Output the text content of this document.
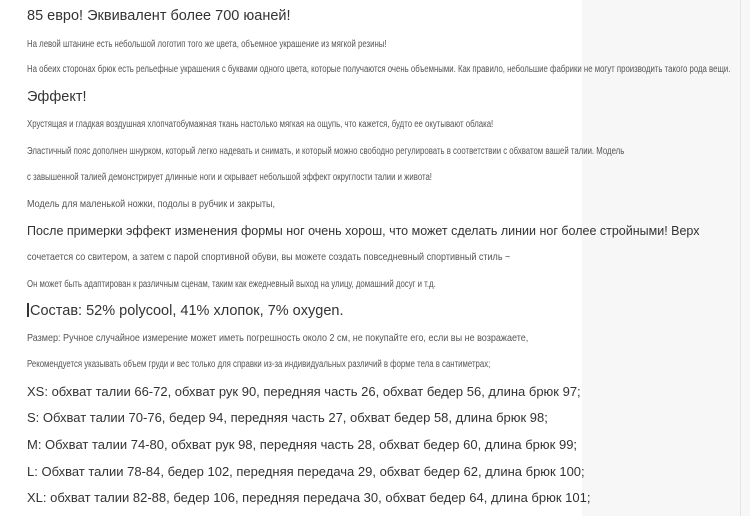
85 евро! Эквивалент более 700 юаней!
На левой штанине есть небольшой логотип того же цвета, объемное украшение из мягкой резины!
На обеих сторонах брюк есть рельефные украшения с буквами одного цвета, которые получаются очень объемными. Как правило, небольшие фабрики не могут производить такого рода вещи.
Эффект!
Хрустящая и гладкая воздушная хлопчатобумажная ткань настолько мягкая на ощупь, что кажется, будто ее окутывают облака!
Эластичный пояс дополнен шнурком, который легко надевать и снимать, и который можно свободно регулировать в соответствии с обхватом вашей талии. Модель
с завышенной талией демонстрирует длинные ноги и скрывает небольшой эффект округлости талии и живота!
Модель для маленькой ножки, подолы в рубчик и закрыты,
После примерки эффект изменения формы ног очень хорош, что может сделать линии ног более стройными! Верх
сочетается со свитером, а затем с парой спортивной обуви, вы можете создать повседневный спортивный стиль ~
Он может быть адаптирован к различным сценам, таким как ежедневный выход на улицу, домашний досуг и т.д.
Состав: 52% polycool, 41% хлопок, 7% oxygen.
Размер: Ручное случайное измерение может иметь погрешность около 2 см, не покупайте его, если вы не возражаете,
Рекомендуется указывать объем груди и вес только для справки из-за индивидуальных различий в форме тела в сантиметрах;
XS: обхват талии 66-72, обхват рук 90, передняя часть 26, обхват бедер 56, длина брюк 97;
S: Обхват талии 70-76, бедер 94, передняя часть 27, обхват бедер 58, длина брюк 98;
M: Обхват талии 74-80, обхват рук 98, передняя часть 28, обхват бедер 60, длина брюк 99;
L: Обхват талии 78-84, бедер 102, передняя передача 29, обхват бедер 62, длина брюк 100;
XL: обхват талии 82-88, бедер 106, передняя передача 30, обхват бедер 64, длина брюк 101;
